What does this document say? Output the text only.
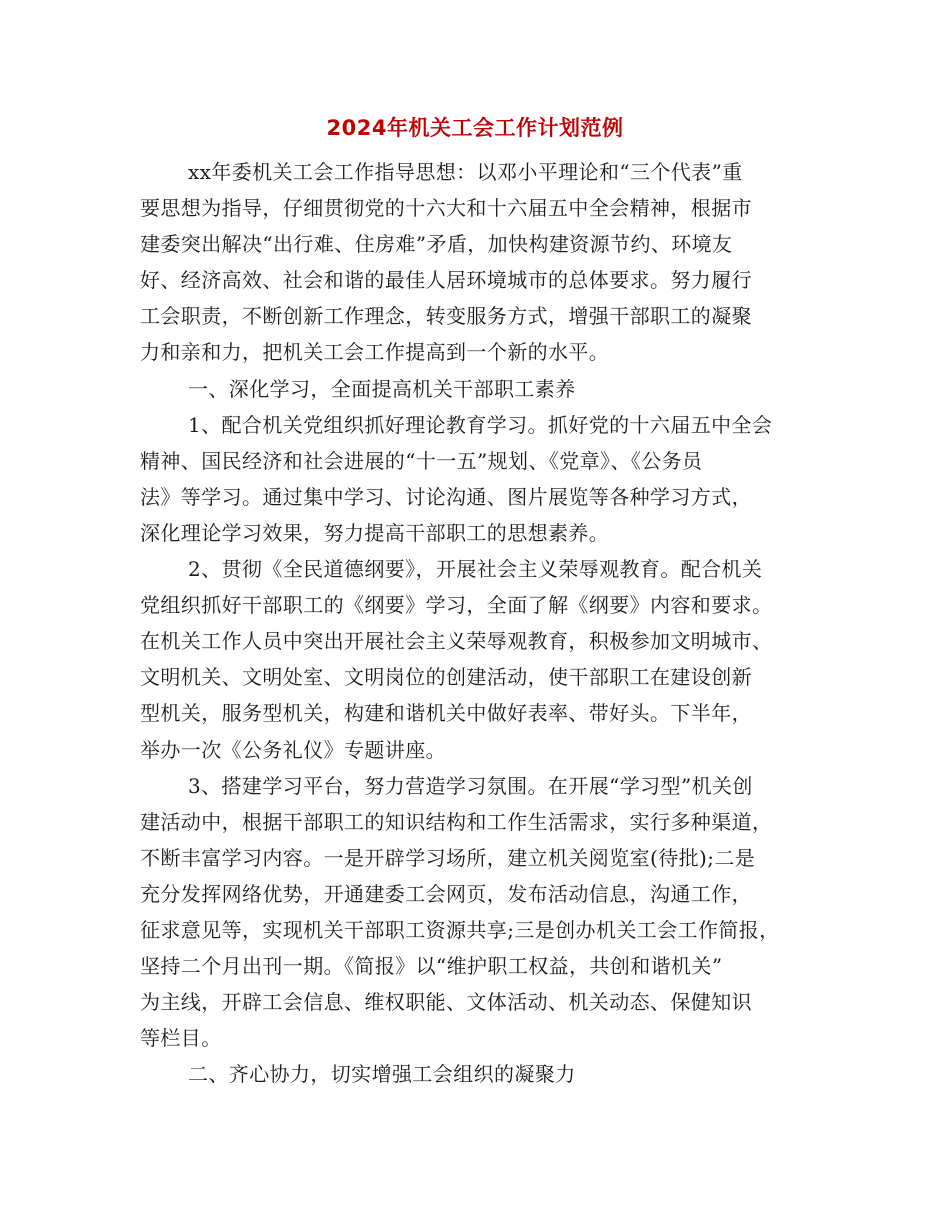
2024年机关工会工作计划范例
xx年委机关工会工作指导思想：以邓小平理论和“三个代表”重
要思想为指导，仔细贯彻党的十六大和十六届五中全会精神，根据市
建委突出解决“出行难、住房难”矛盾，加快构建资源节约、环境友
好、经济高效、社会和谐的最佳人居环境城市的总体要求。努力履行
工会职责，不断创新工作理念，转变服务方式，增强干部职工的凝聚
力和亲和力，把机关工会工作提高到一个新的水平。
一、深化学习，全面提高机关干部职工素养
1、配合机关党组织抓好理论教育学习。抓好党的十六届五中全会
精神、国民经济和社会进展的“十一五”规划、《党章》、《公务员
法》等学习。通过集中学习、讨论沟通、图片展览等各种学习方式，
深化理论学习效果，努力提高干部职工的思想素养。
2、贯彻《全民道德纲要》，开展社会主义荣辱观教育。配合机关
党组织抓好干部职工的《纲要》学习，全面了解《纲要》内容和要求。
在机关工作人员中突出开展社会主义荣辱观教育，积极参加文明城市、
文明机关、文明处室、文明岗位的创建活动，使干部职工在建设创新
型机关，服务型机关，构建和谐机关中做好表率、带好头。下半年，
举办一次《公务礼仪》专题讲座。
3、搭建学习平台，努力营造学习氛围。在开展“学习型”机关创
建活动中，根据干部职工的知识结构和工作生活需求，实行多种渠道，
不断丰富学习内容。一是开辟学习场所，建立机关阅览室(待批);二是
充分发挥网络优势，开通建委工会网页，发布活动信息，沟通工作，
征求意见等，实现机关干部职工资源共享;三是创办机关工会工作简报，
坚持二个月出刊一期。《简报》以“维护职工权益，共创和谐机关”
为主线，开辟工会信息、维权职能、文体活动、机关动态、保健知识
等栏目。
二、齐心协力，切实增强工会组织的凝聚力
